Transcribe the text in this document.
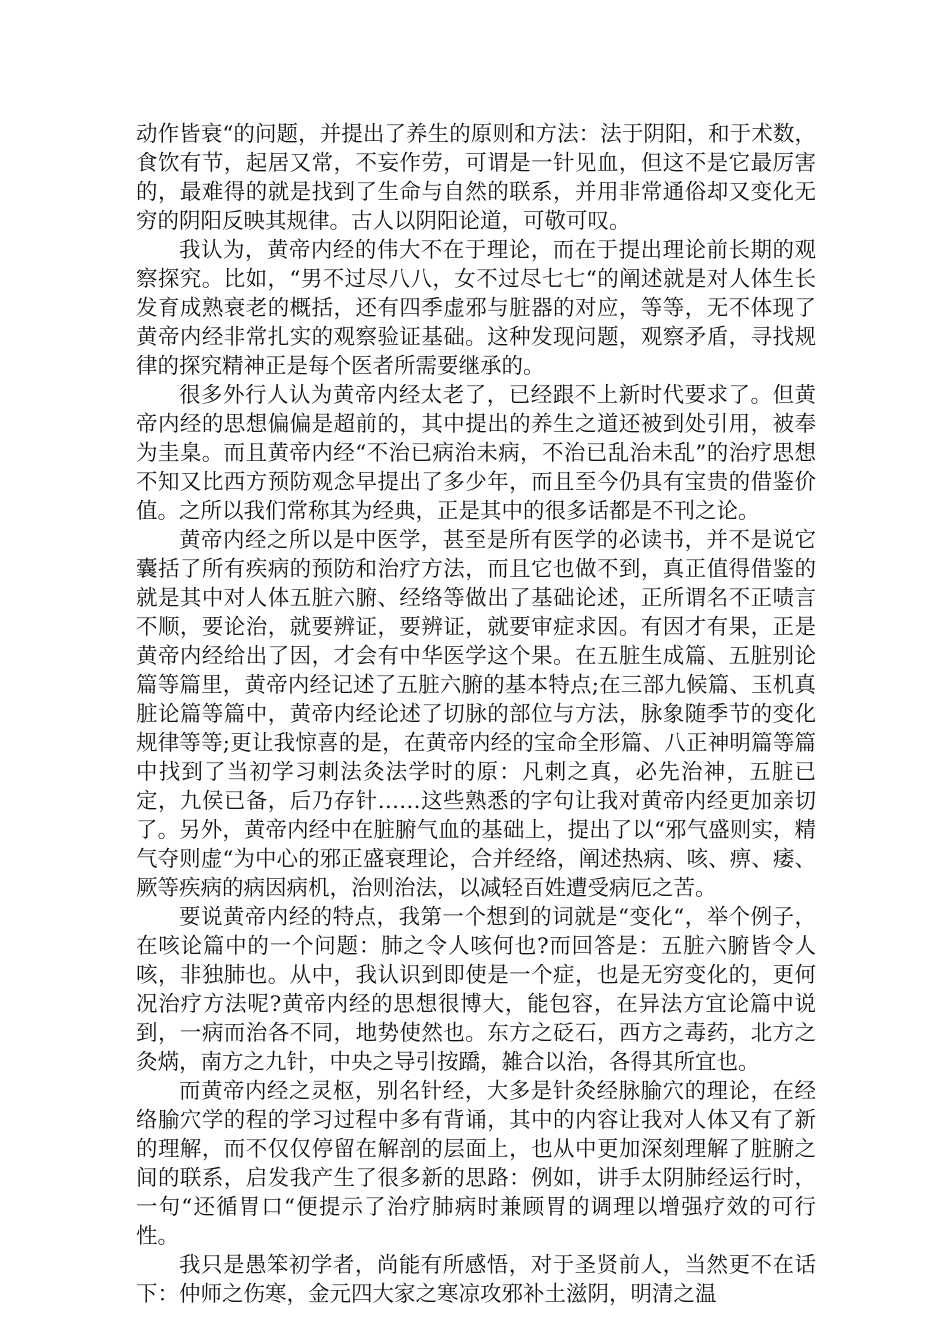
动作皆衰“的问题，并提出了养生的原则和方法：法于阴阳，和于术数，食饮有节，起居又常，不妄作劳，可谓是一针见血，但这不是它最厉害的，最难得的就是找到了生命与自然的联系，并用非常通俗却又变化无穷的阴阳反映其规律。古人以阴阳论道，可敬可叹。

我认为，黄帝内经的伟大不在于理论，而在于提出理论前长期的观察探究。比如，“男不过尽八八，女不过尽七七“的阐述就是对人体生长发育成熟衰老的概括，还有四季虚邪与脏器的对应，等等，无不体现了黄帝内经非常扎实的观察验证基础。这种发现问题，观察矛盾，寻找规律的探究精神正是每个医者所需要继承的。

很多外行人认为黄帝内经太老了，已经跟不上新时代要求了。但黄帝内经的思想偏偏是超前的，其中提出的养生之道还被到处引用，被奉为圭臬。而且黄帝内经“不治已病治未病，不治已乱治未乱”的治疗思想不知又比西方预防观念早提出了多少年，而且至今仍具有宝贵的借鉴价值。之所以我们常称其为经典，正是其中的很多话都是不刊之论。

黄帝内经之所以是中医学，甚至是所有医学的必读书，并不是说它囊括了所有疾病的预防和治疗方法，而且它也做不到，真正值得借鉴的就是其中对人体五脏六腑、经络等做出了基础论述，正所谓名不正啧言不顺，要论治，就要辨证，要辨证，就要审症求因。有因才有果，正是黄帝内经给出了因，才会有中华医学这个果。在五脏生成篇、五脏别论篇等篇里，黄帝内经记述了五脏六腑的基本特点;在三部九候篇、玉机真脏论篇等篇中，黄帝内经论述了切脉的部位与方法，脉象随季节的变化规律等等;更让我惊喜的是，在黄帝内经的宝命全形篇、八正神明篇等篇中找到了当初学习刺法灸法学时的原：凡刺之真，必先治神，五脏已定，九侯已备，后乃存针……这些熟悉的字句让我对黄帝内经更加亲切了。另外，黄帝内经中在脏腑气血的基础上，提出了以“邪气盛则实，精气夺则虚“为中心的邪正盛衰理论，合并经络，阐述热病、咳、痹、痿、厥等疾病的病因病机，治则治法，以减轻百姓遭受病厄之苦。

要说黄帝内经的特点，我第一个想到的词就是“变化“，举个例子，在咳论篇中的一个问题：肺之令人咳何也?而回答是：五脏六腑皆令人咳，非独肺也。从中，我认识到即使是一个症，也是无穷变化的，更何况治疗方法呢?黄帝内经的思想很博大，能包容，在异法方宜论篇中说到，一病而治各不同，地势使然也。东方之砭石，西方之毒药，北方之灸焫，南方之九针，中央之导引按蹻，雑合以治，各得其所宜也。

而黄帝内经之灵枢，别名针经，大多是针灸经脉腧穴的理论，在经络腧穴学的程的学习过程中多有背诵，其中的内容让我对人体又有了新的理解，而不仅仅停留在解剖的层面上，也从中更加深刻理解了脏腑之间的联系，启发我产生了很多新的思路：例如，讲手太阴肺经运行时，一句“还循胃口“便提示了治疗肺病时兼顾胃的调理以增强疗效的可行性。

我只是愚笨初学者，尚能有所感悟，对于圣贤前人，当然更不在话下：仲师之伤寒，金元四大家之寒凉攻邪补土滋阴，明清之温
